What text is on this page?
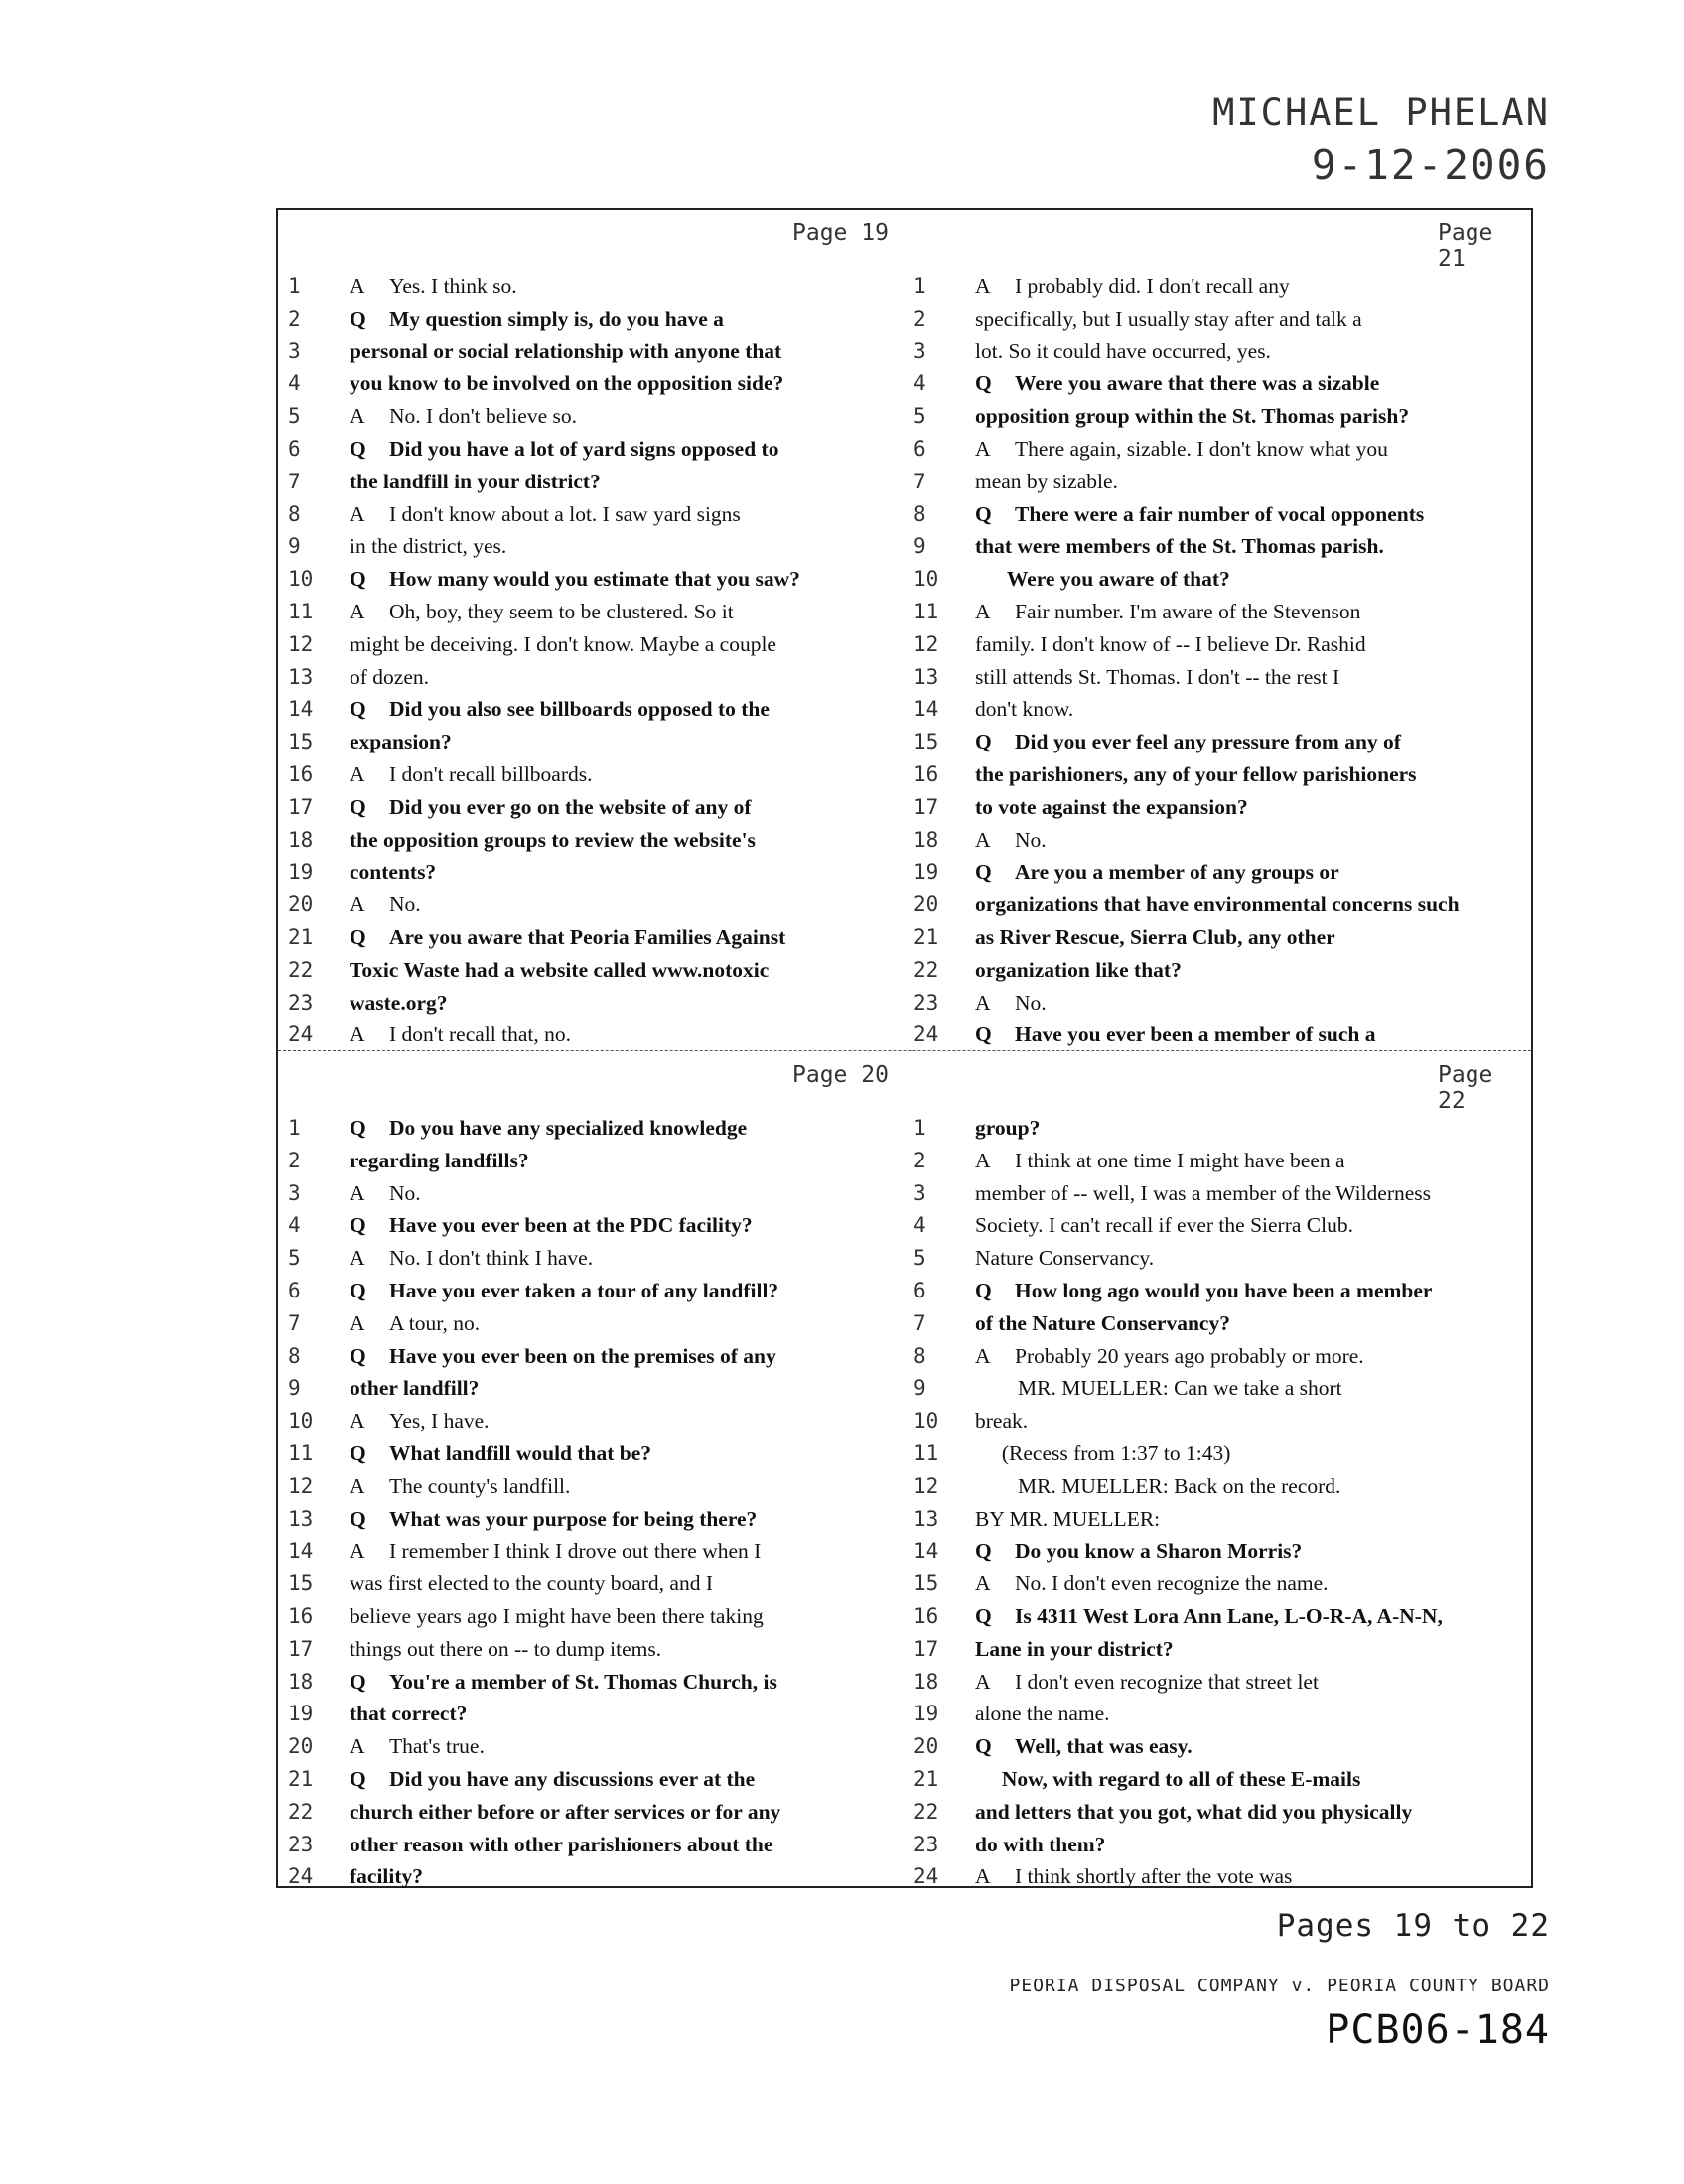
MICHAEL PHELAN
9-12-2006
Page 19
1	A Yes. I think so.
2	Q My question simply is, do you have a
3	personal or social relationship with anyone that
4	you know to be involved on the opposition side?
5	A No. I don't believe so.
6	Q Did you have a lot of yard signs opposed to
7	the landfill in your district?
8	A I don't know about a lot. I saw yard signs
9	in the district, yes.
10	Q How many would you estimate that you saw?
11	A Oh, boy, they seem to be clustered. So it
12	might be deceiving. I don't know. Maybe a couple
13	of dozen.
14	Q Did you also see billboards opposed to the
15	expansion?
16	A I don't recall billboards.
17	Q Did you ever go on the website of any of
18	the opposition groups to review the website's
19	contents?
20	A No.
21	Q Are you aware that Peoria Families Against
22	Toxic Waste had a website called www.notoxic
23	waste.org?
24	A I don't recall that, no.
Page 21
1	A I probably did. I don't recall any
2	specifically, but I usually stay after and talk a
3	lot. So it could have occurred, yes.
4	Q Were you aware that there was a sizable
5	opposition group within the St. Thomas parish?
6	A There again, sizable. I don't know what you
7	mean by sizable.
8	Q There were a fair number of vocal opponents
9	that were members of the St. Thomas parish.
10	Were you aware of that?
11	A Fair number. I'm aware of the Stevenson
12	family. I don't know of -- I believe Dr. Rashid
13	still attends St. Thomas. I don't -- the rest I
14	don't know.
15	Q Did you ever feel any pressure from any of
16	the parishioners, any of your fellow parishioners
17	to vote against the expansion?
18	A No.
19	Q Are you a member of any groups or
20	organizations that have environmental concerns such
21	as River Rescue, Sierra Club, any other
22	organization like that?
23	A No.
24	Q Have you ever been a member of such a
Page 20
1	Q Do you have any specialized knowledge
2	regarding landfills?
3	A No.
4	Q Have you ever been at the PDC facility?
5	A No. I don't think I have.
6	Q Have you ever taken a tour of any landfill?
7	A A tour, no.
8	Q Have you ever been on the premises of any
9	other landfill?
10	A Yes, I have.
11	Q What landfill would that be?
12	A The county's landfill.
13	Q What was your purpose for being there?
14	A I remember I think I drove out there when I
15	was first elected to the county board, and I
16	believe years ago I might have been there taking
17	things out there on -- to dump items.
18	Q You're a member of St. Thomas Church, is
19	that correct?
20	A That's true.
21	Q Did you have any discussions ever at the
22	church either before or after services or for any
23	other reason with other parishioners about the
24	facility?
Page 22
1	group?
2	A I think at one time I might have been a
3	member of -- well, I was a member of the Wilderness
4	Society. I can't recall if ever the Sierra Club.
5	Nature Conservancy.
6	Q How long ago would you have been a member
7	of the Nature Conservancy?
8	A Probably 20 years ago probably or more.
9	MR. MUELLER: Can we take a short
10	break.
11	(Recess from 1:37 to 1:43)
12	MR. MUELLER: Back on the record.
13	BY MR. MUELLER:
14	Q Do you know a Sharon Morris?
15	A No. I don't even recognize the name.
16	Q Is 4311 West Lora Ann Lane, L-O-R-A, A-N-N,
17	Lane in your district?
18	A I don't even recognize that street let
19	alone the name.
20	Q Well, that was easy.
21	Now, with regard to all of these E-mails
22	and letters that you got, what did you physically
23	do with them?
24	A I think shortly after the vote was
Pages 19 to 22
PEORIA DISPOSAL COMPANY v. PEORIA COUNTY BOARD
PCB06-184
